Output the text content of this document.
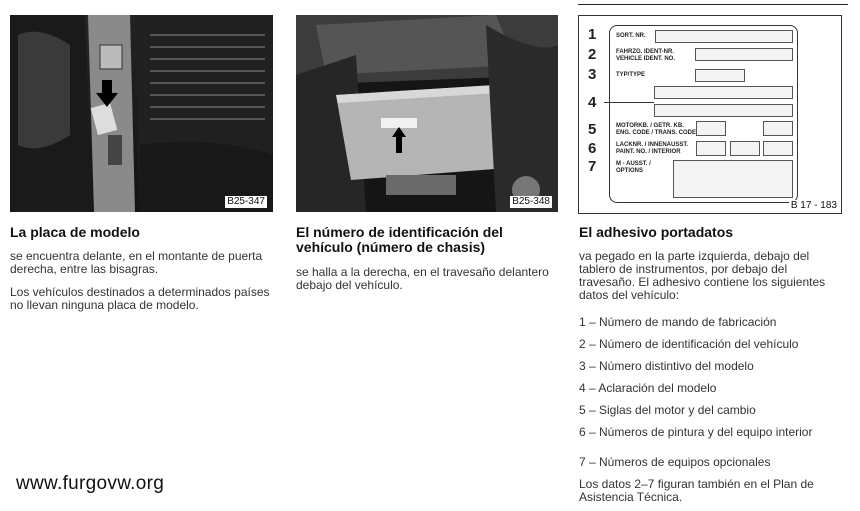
B25-347	B25-348
1	SORT. NR.
2	FAHRZG. IDENT-NR.
VEHICLE IDENT. NO.
3	TYP/TYPE
4
5	MOTORKB. / GETR. KB.
ENG. CODE / TRANS. CODE
6	LACKNR. / INNENAUSST.
PAINT. NO. / INTERIOR
7	M - AUSST. /
OPTIONS
B 17 - 183
La placa de modelo
se encuentra delante, en el montante de puerta derecha, entre las bisagras.
Los vehículos destinados a determinados países no llevan ninguna placa de modelo.
El número de identificación del vehículo (número de chasis)
se halla a la derecha, en el travesaño delantero debajo del vehículo.
El adhesivo portadatos
va pegado en la parte izquierda, debajo del tablero de instrumentos, por debajo del travesaño. El adhesivo contiene los siguientes datos del vehículo:
1 – Número de mando de fabricación
2 – Número de identificación del vehículo
3 – Número distintivo del modelo
4 – Aclaración del modelo
5 – Siglas del motor y del cambio
6 – Números de pintura y del equipo interior
7 – Números de equipos opcionales
Los datos 2–7 figuran también en el Plan de Asistencia Técnica.
www.furgovw.org
